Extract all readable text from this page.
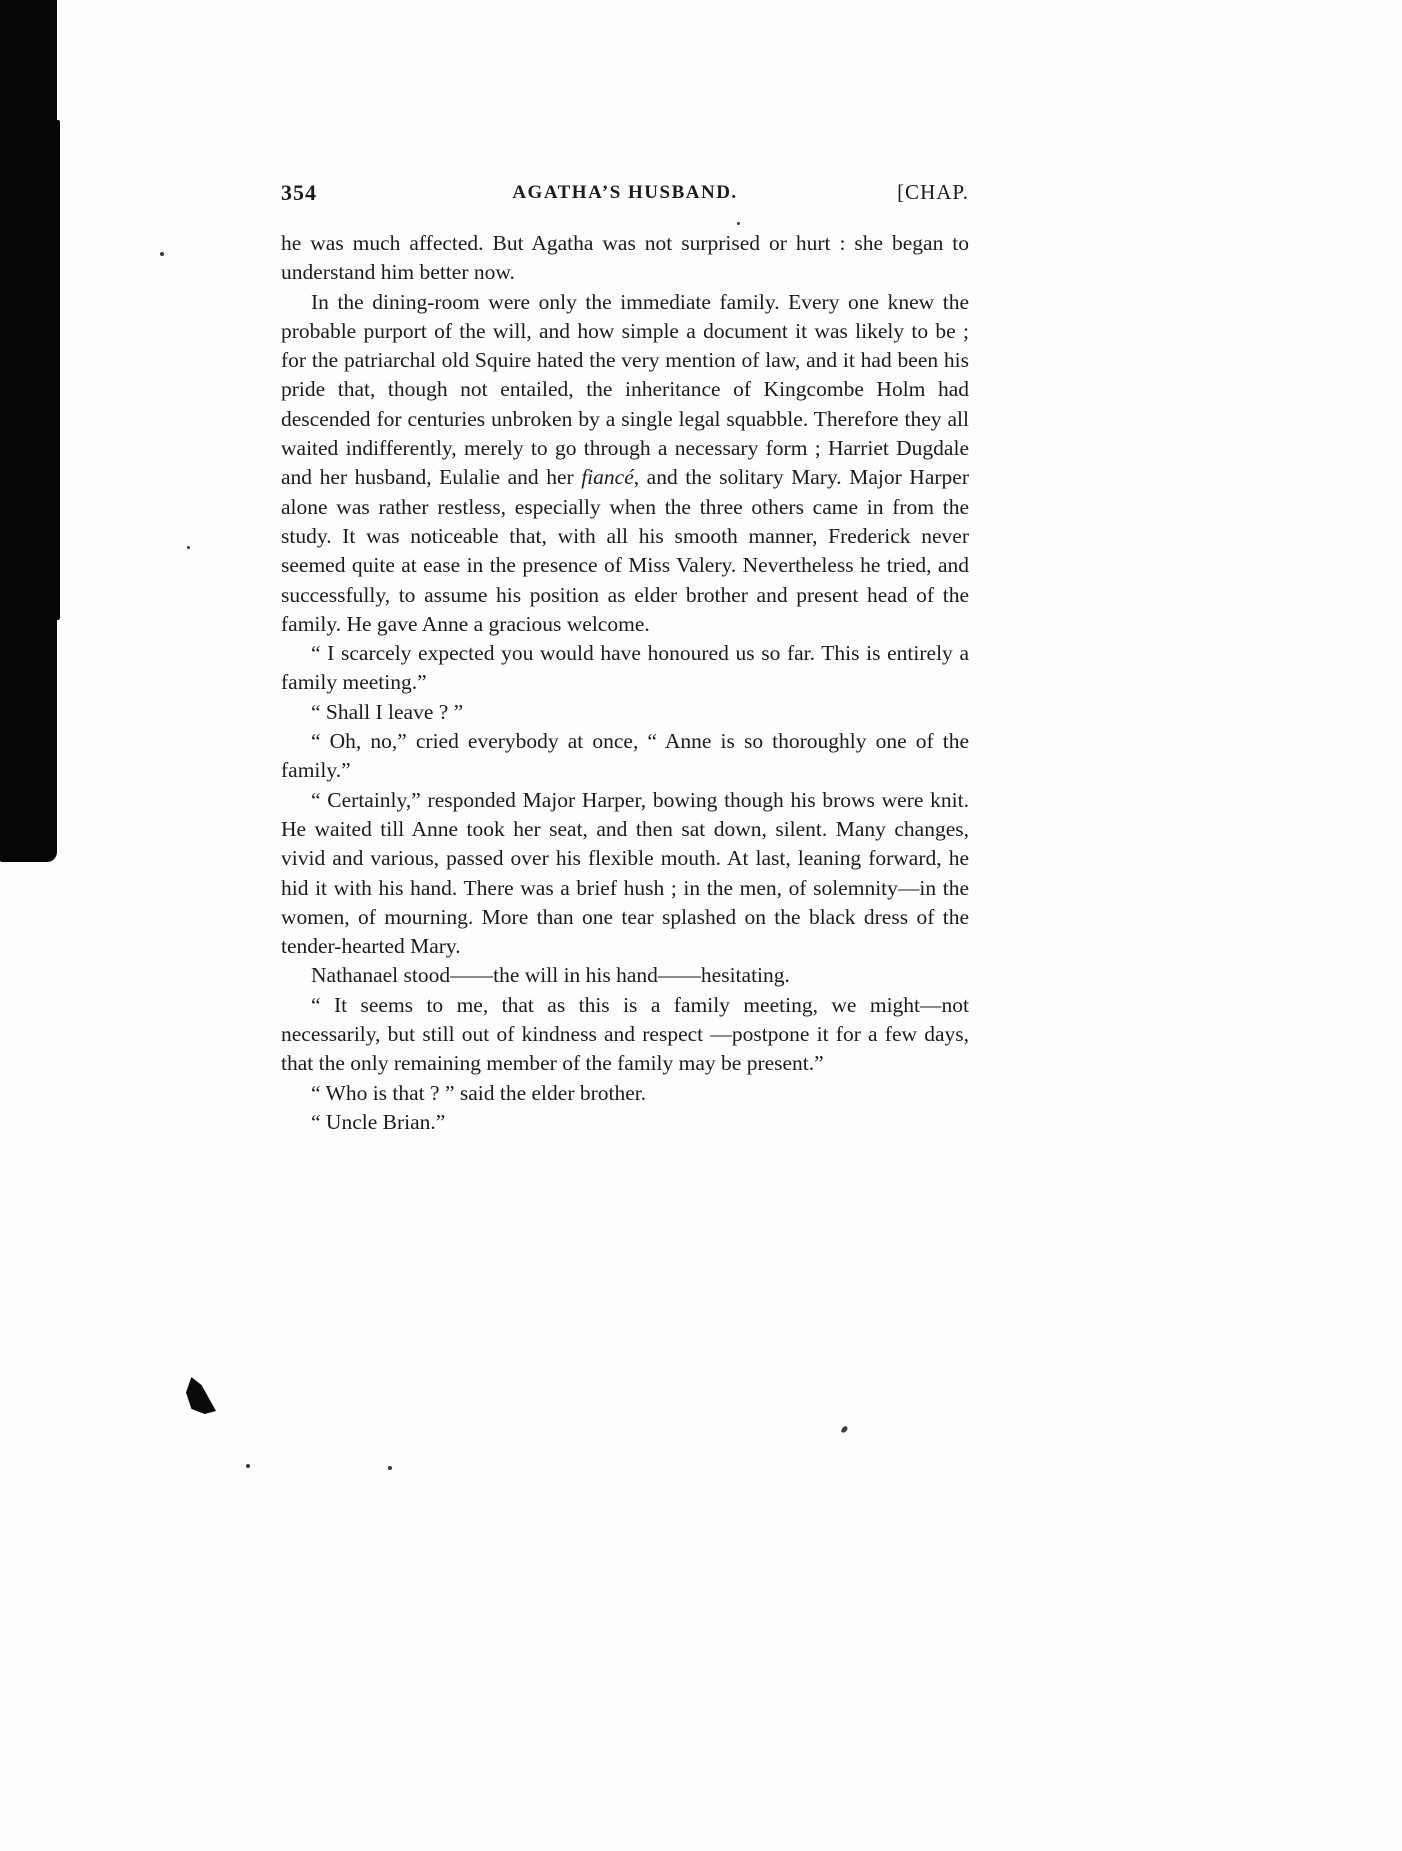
354	AGATHA’S HUSBAND.	[CHAP.

he was much affected. But Agatha was not surprised or hurt : she began to understand him better now.

In the dining-room were only the immediate family. Every one knew the probable purport of the will, and how simple a document it was likely to be ; for the patriarchal old Squire hated the very mention of law, and it had been his pride that, though not entailed, the inheritance of Kingcombe Holm had descended for centuries unbroken by a single legal squabble. Therefore they all waited indifferently, merely to go through a necessary form ; Harriet Dugdale and her husband, Eulalie and her fiancé, and the solitary Mary. Major Harper alone was rather restless, especially when the three others came in from the study. It was noticeable that, with all his smooth manner, Frederick never seemed quite at ease in the presence of Miss Valery. Nevertheless he tried, and successfully, to assume his position as elder brother and present head of the family. He gave Anne a gracious welcome.

“ I scarcely expected you would have honoured us so far. This is entirely a family meeting.”

“ Shall I leave ? ”

“ Oh, no,” cried everybody at once, “ Anne is so thoroughly one of the family.”

“ Certainly,” responded Major Harper, bowing though his brows were knit. He waited till Anne took her seat, and then sat down, silent. Many changes, vivid and various, passed over his flexible mouth. At last, leaning forward, he hid it with his hand. There was a brief hush ; in the men, of solemnity—in the women, of mourning. More than one tear splashed on the black dress of the tender-hearted Mary.

Nathanael stood——the will in his hand——hesitating.

“ It seems to me, that as this is a family meeting, we might—not necessarily, but still out of kindness and respect —postpone it for a few days, that the only remaining member of the family may be present.”

“ Who is that ? ” said the elder brother.

“ Uncle Brian.”
